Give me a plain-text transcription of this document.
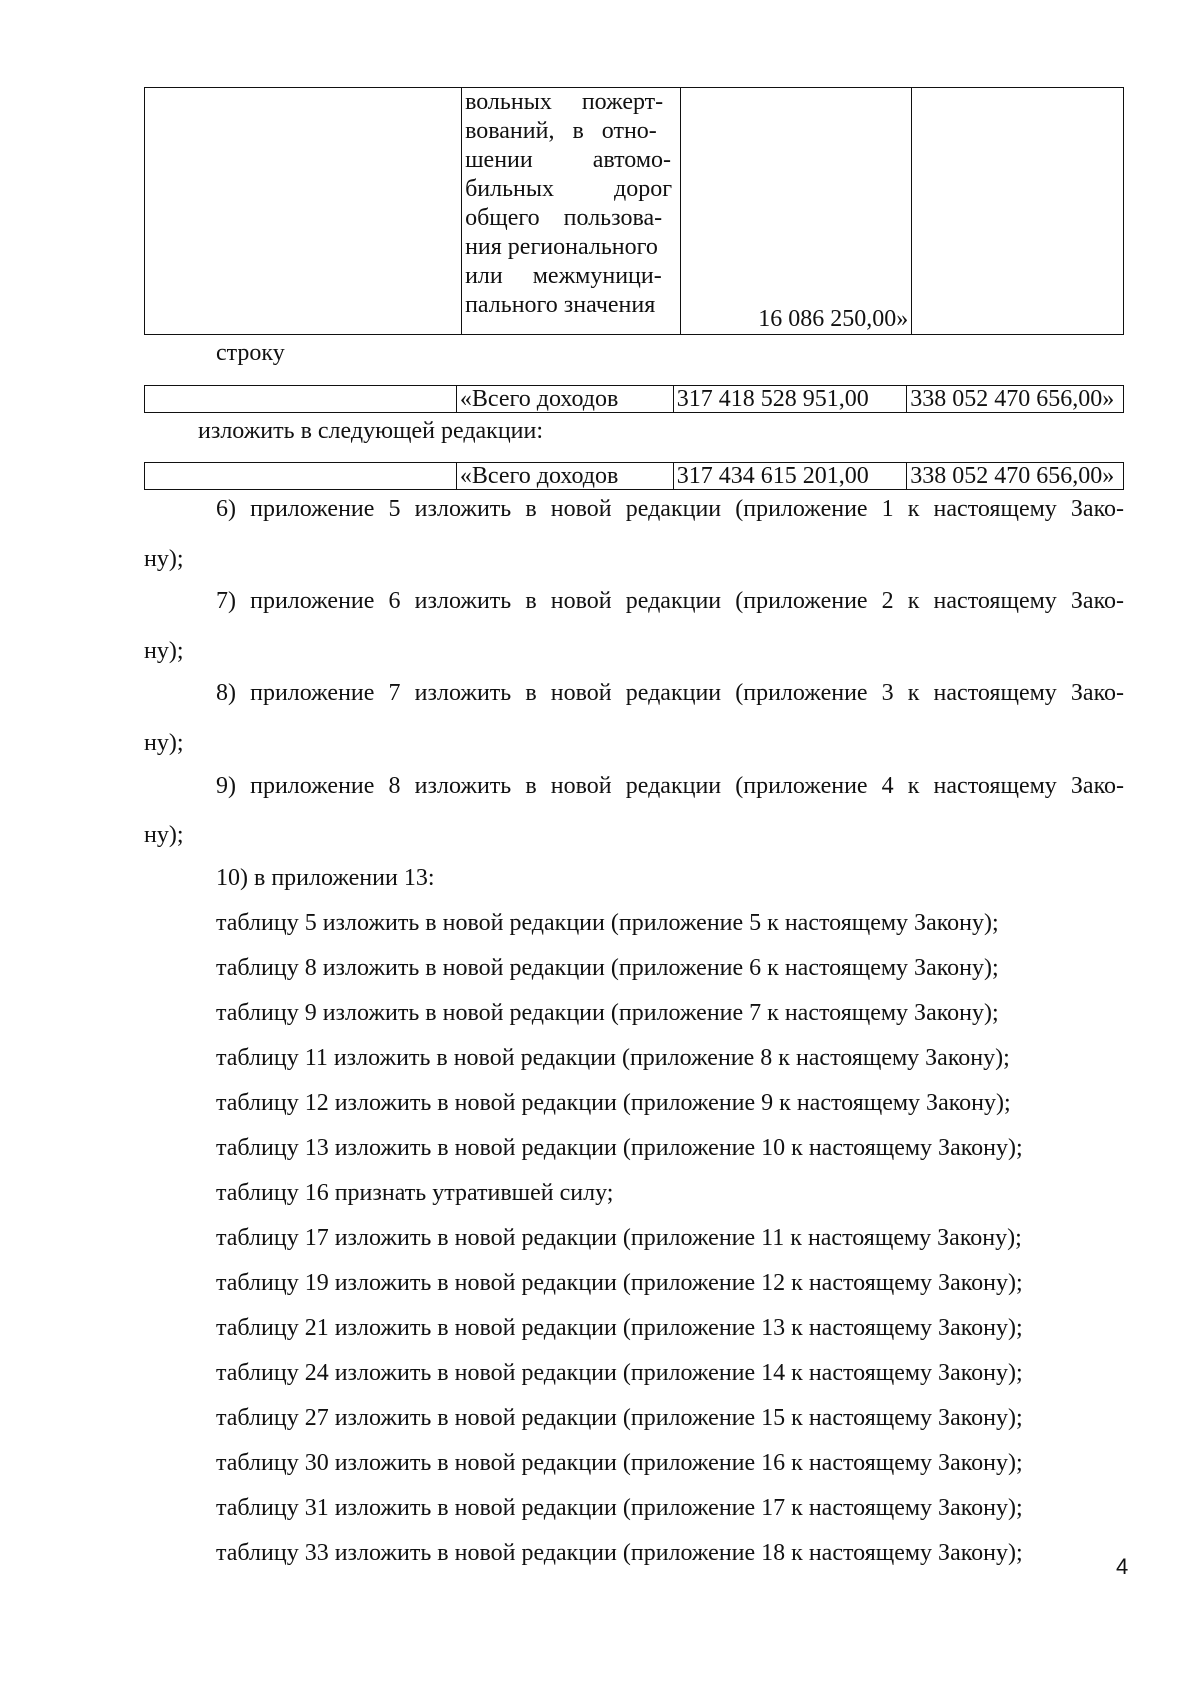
	вольных     пожерт-
вований,   в   отно-
шении          автомо-
бильных          дорог
общего    пользова-
ния регионального
или     межмуници-
пального значения	16 086 250,00»	
строку
	«Всего доходов	317 418 528 951,00	338 052 470 656,00»
изложить в следующей редакции:
	«Всего доходов	317 434 615 201,00	338 052 470 656,00»
6) приложение 5 изложить в новой редакции (приложение 1 к настоящему Зако-
ну);
7) приложение 6 изложить в новой редакции (приложение 2 к настоящему Зако-
ну);
8) приложение 7 изложить в новой редакции (приложение 3 к настоящему Зако-
ну);
9) приложение 8 изложить в новой редакции (приложение 4 к настоящему Зако-
ну);
10) в приложении 13:
таблицу 5 изложить в новой редакции (приложение 5 к настоящему Закону);
таблицу 8 изложить в новой редакции (приложение 6 к настоящему Закону);
таблицу 9 изложить в новой редакции (приложение 7 к настоящему Закону);
таблицу 11 изложить в новой редакции (приложение 8 к настоящему Закону);
таблицу 12 изложить в новой редакции (приложение 9 к настоящему Закону);
таблицу 13 изложить в новой редакции (приложение 10 к настоящему Закону);
таблицу 16 признать утратившей силу;
таблицу 17 изложить в новой редакции (приложение 11 к настоящему Закону);
таблицу 19 изложить в новой редакции (приложение 12 к настоящему Закону);
таблицу 21 изложить в новой редакции (приложение 13 к настоящему Закону);
таблицу 24 изложить в новой редакции (приложение 14 к настоящему Закону);
таблицу 27 изложить в новой редакции (приложение 15 к настоящему Закону);
таблицу 30 изложить в новой редакции (приложение 16 к настоящему Закону);
таблицу 31 изложить в новой редакции (приложение 17 к настоящему Закону);
таблицу 33 изложить в новой редакции (приложение 18 к настоящему Закону);
4
